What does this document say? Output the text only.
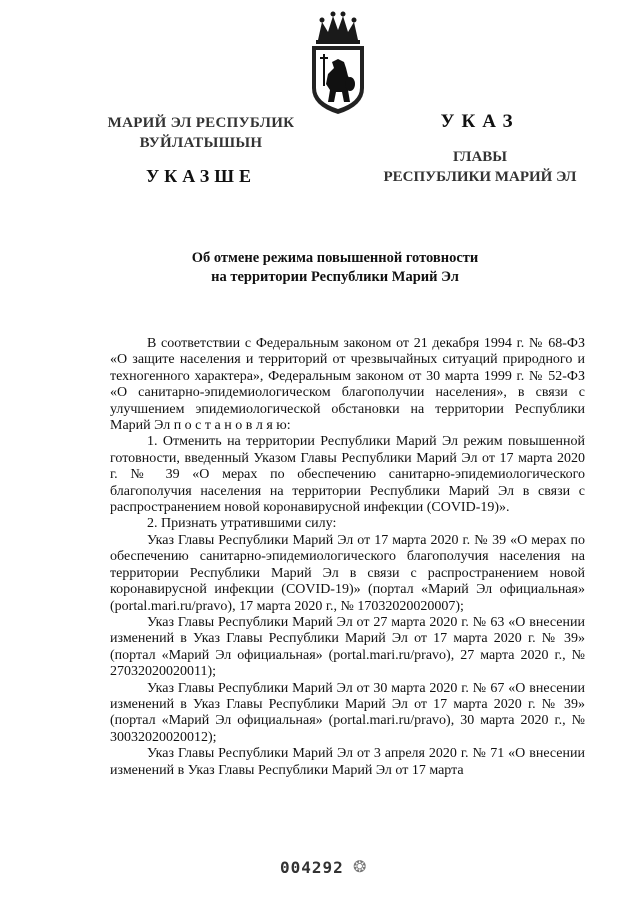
МАРИЙ ЭЛ РЕСПУБЛИК
ВУЙЛАТЫШЫН
УКАЗШЕ
УКАЗ
ГЛАВЫ
РЕСПУБЛИКИ МАРИЙ ЭЛ
Об отмене режима повышенной готовности
на территории Республики Марий Эл

В соответствии с Федеральным законом от 21 декабря 1994 г. № 68-ФЗ «О защите населения и территорий от чрезвычайных ситуаций природного и техногенного характера», Федеральным законом от 30 марта 1999 г. № 52-ФЗ «О санитарно-эпидемиологическом благополучии населения», в связи с улучшением эпидемиологической обстановки на территории Республики Марий Эл п о с т а н о в л я ю:

1. Отменить на территории Республики Марий Эл режим повышенной готовности, введенный Указом Главы Республики Марий Эл от 17 марта 2020 г. № 39 «О мерах по обеспечению санитарно-эпидемиологического благополучия населения на территории Республики Марий Эл в связи с распространением новой коронавирусной инфекции (COVID-19)».

2. Признать утратившими силу:

Указ Главы Республики Марий Эл от 17 марта 2020 г. № 39 «О мерах по обеспечению санитарно-эпидемиологического благополучия населения на территории Республики Марий Эл в связи с распространением новой коронавирусной инфекции (COVID-19)» (портал «Марий Эл официальная» (portal.mari.ru/pravo), 17 марта 2020 г., № 17032020020007);

Указ Главы Республики Марий Эл от 27 марта 2020 г. № 63 «О внесении изменений в Указ Главы Республики Марий Эл от 17 марта 2020 г. № 39» (портал «Марий Эл официальная» (portal.mari.ru/pravo), 27 марта 2020 г., № 27032020020011);

Указ Главы Республики Марий Эл от 30 марта 2020 г. № 67 «О внесении изменений в Указ Главы Республики Марий Эл от 17 марта 2020 г. № 39» (портал «Марий Эл официальная» (portal.mari.ru/pravo), 30 марта 2020 г., № 30032020020012);

Указ Главы Республики Марий Эл от 3 апреля 2020 г. № 71 «О внесении изменений в Указ Главы Республики Марий Эл от 17 марта

004292 ❂
